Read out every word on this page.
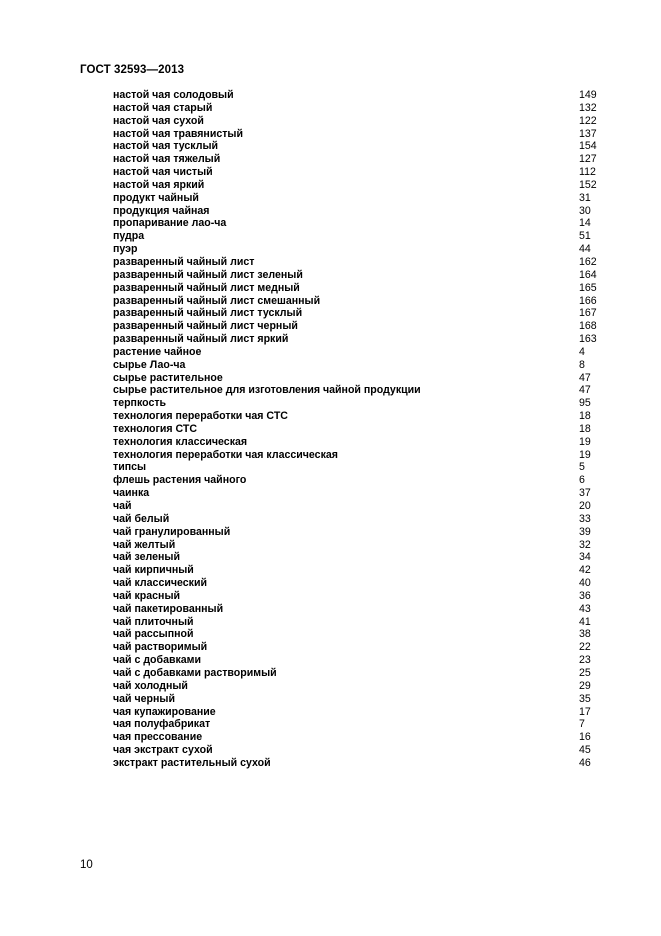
ГОСТ 32593—2013
настой чая солодовый	149
настой чая старый	132
настой чая сухой	122
настой чая травянистый	137
настой чая тусклый	154
настой чая тяжелый	127
настой чая чистый	112
настой чая яркий	152
продукт чайный	31
продукция чайная	30
пропаривание лао-ча	14
пудра	51
пуэр	44
разваренный чайный лист	162
разваренный чайный лист зеленый	164
разваренный чайный лист медный	165
разваренный чайный лист смешанный	166
разваренный чайный лист тусклый	167
разваренный чайный лист черный	168
разваренный чайный лист яркий	163
растение чайное	4
сырье Лао-ча	8
сырье растительное	47
сырье растительное для изготовления чайной продукции	47
терпкость	95
технология переработки чая СТС	18
технология СТС	18
технология классическая	19
технология переработки чая классическая	19
типсы	5
флешь растения чайного	6
чаинка	37
чай	20
чай белый	33
чай гранулированный	39
чай желтый	32
чай зеленый	34
чай кирпичный	42
чай классический	40
чай красный	36
чай пакетированный	43
чай плиточный	41
чай рассыпной	38
чай растворимый	22
чай с добавками	23
чай с добавками растворимый	25
чай холодный	29
чай черный	35
чая купажирование	17
чая полуфабрикат	7
чая прессование	16
чая экстракт сухой	45
экстракт растительный сухой	46
10
